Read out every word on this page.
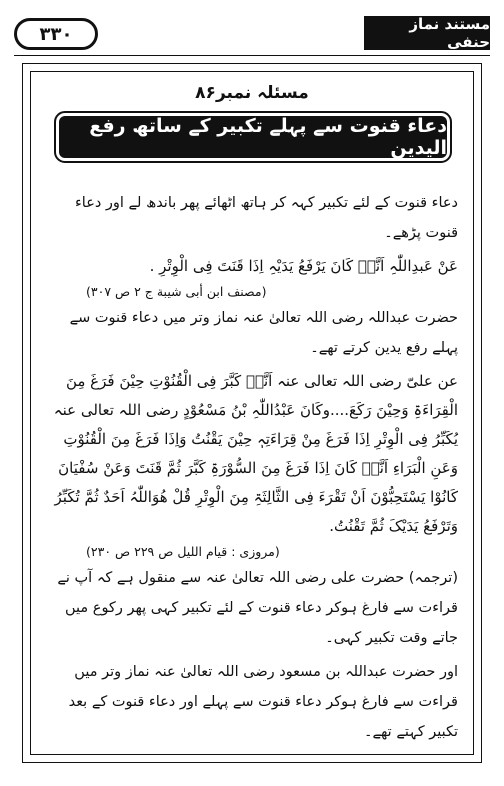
۳۳۰	مستند نماز حنفی
مسئلہ نمبر۸۶
دعاء قنوت سے پہلے تکبیر کے ساتھ رفع الیدین

دعاء قنوت کے لئے تکبیر کہہ کر ہاتھ اٹھائے پھر باندھ لے اور دعاء قنوت پڑھے۔

عَنْ عَبدِاللّٰہِ اَنَّہٗ کَانَ یَرْفَعُ یَدَیْہِ اِذَا قَنَتَ فِی الْوِتْرِ .

(مصنف ابن أبی شیبة ج ۲ ص ۳۰۷)

حضرت عبداللہ رضی اللہ تعالیٰ عنہ نماز وتر میں دعاء قنوت سے پہلے رفع یدین کرتے تھے۔

عن علیّ رضی اللہ تعالی عنہ اَنَّہٗ کَبَّرَ فِی الْقُنُوْتِ حِیْنَ فَرَغَ مِنَ الْقِرَاءَۃِ وَحِیْنَ رَکَعَ....وکَانَ عَبْدُاللّٰہِ بْنُ مَسْعُوْدٍ رضی اللہ تعالی عنہ یُکَبِّرُ فِی الْوِتْرِ اِذَا فَرَغَ مِنْ قِرَاءَتِہٖ حِیْنَ یَقْنُتُ وَاِذَا فَرَغَ مِنَ الْقُنُوْتِ وَعَنِ الْبَرَاءِ اَنَّہٗ کَانَ اِذَا فَرَغَ مِنَ السُّوْرَۃِ کَبَّرَ ثُمَّ قَنَتَ وَعَنْ سُفْیَانَ کَانُوْا یَسْتَحِبُّوْنَ اَنْ تَقْرَءَ فِی الثَّالِثَۃِ مِنَ الْوِتْرِ قُلْ ھُوَاللّٰہُ اَحَدٌ ثُمَّ تُکَبِّرُ وَتَرْفَعُ یَدَیْکَ ثُمَّ تَقْنُتُ.

(مروزی : قیام اللیل ص ۲۲۹ ص ۲۳۰)

(ترجمہ) حضرت علی رضی اللہ تعالیٰ عنہ سے منقول ہے کہ آپ نے قراءت سے فارغ ہوکر دعاء قنوت کے لئے تکبیر کہی پھر رکوع میں جاتے وقت تکبیر کہی۔

اور حضرت عبداللہ بن مسعود رضی اللہ تعالیٰ عنہ نماز وتر میں قراءت سے فارغ ہوکر دعاء قنوت سے پہلے اور دعاء قنوت کے بعد تکبیر کہتے تھے۔
